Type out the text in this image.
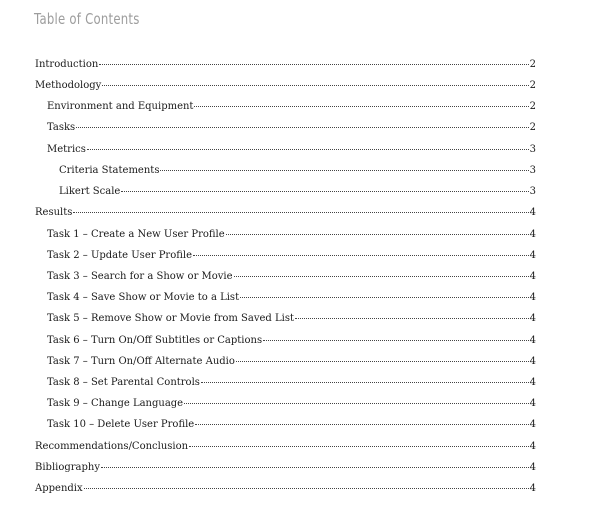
Table of Contents
Introduction	2
Methodology	2
Environment and Equipment	2
Tasks	2
Metrics	3
Criteria Statements	3
Likert Scale	3
Results	4
Task 1 – Create a New User Profile	4
Task 2 – Update User Profile	4
Task 3 – Search for a Show or Movie	4
Task 4 – Save Show or Movie to a List	4
Task 5 – Remove Show or Movie from Saved List	4
Task 6 – Turn On/Off Subtitles or Captions	4
Task 7 – Turn On/Off Alternate Audio	4
Task 8 – Set Parental Controls	4
Task 9 – Change Language	4
Task 10 – Delete User Profile	4
Recommendations/Conclusion	4
Bibliography	4
Appendix	4
